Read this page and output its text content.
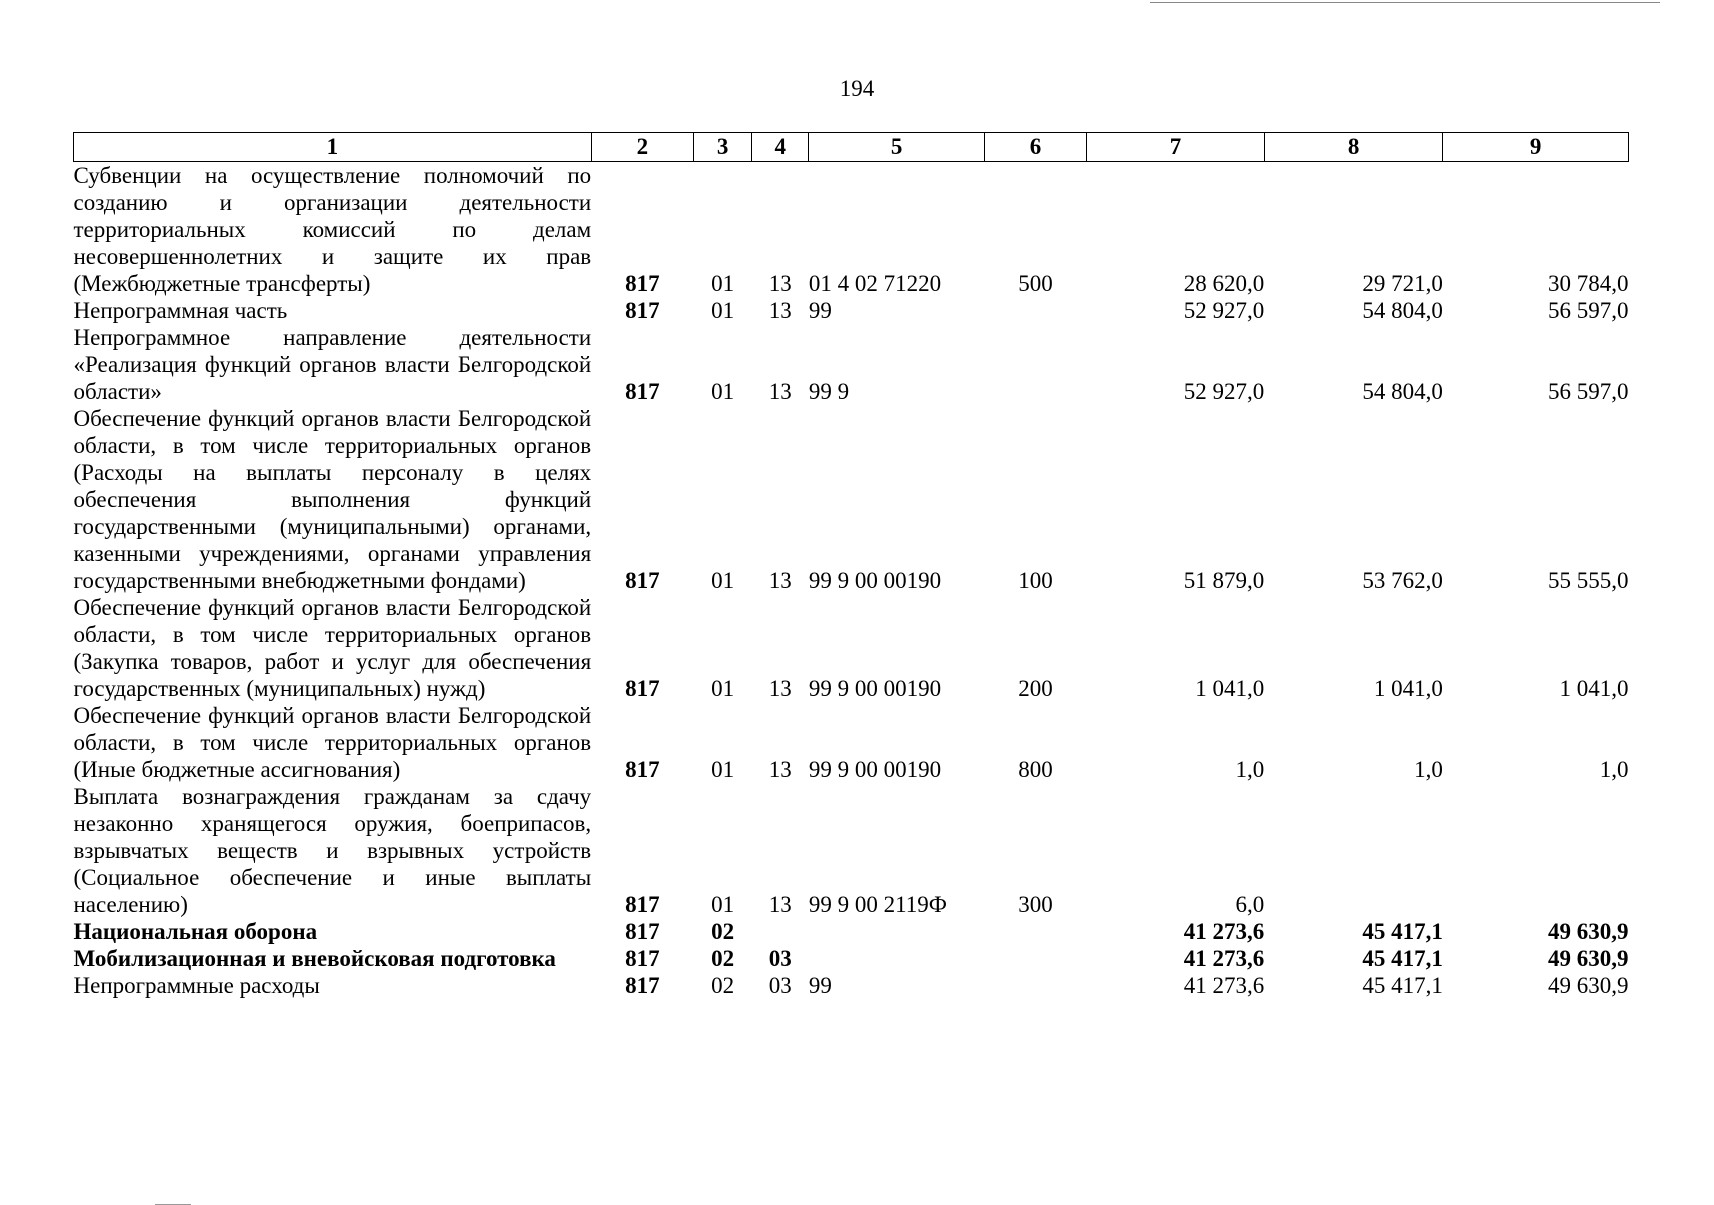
194
1	2	3	4	5	6	7	8	9
Субвенции на осуществление полномочий по созданию и организации деятельности территориальных комиссий по делам несовершеннолетних и защите их прав (Межбюджетные трансферты)	817	01	13	01 4 02 71220	500	28 620,0	29 721,0	30 784,0
Непрограммная часть	817	01	13	99		52 927,0	54 804,0	56 597,0
Непрограммное направление деятельности «Реализация функций органов власти Белгородской области»	817	01	13	99 9		52 927,0	54 804,0	56 597,0
Обеспечение функций органов власти Белгородской области, в том числе территориальных органов (Расходы на выплаты персоналу в целях обеспечения выполнения функций государственными (муниципальными) органами, казенными учреждениями, органами управления государственными внебюджетными фондами)	817	01	13	99 9 00 00190	100	51 879,0	53 762,0	55 555,0
Обеспечение функций органов власти Белгородской области, в том числе территориальных органов (Закупка товаров, работ и услуг для обеспечения государственных (муниципальных) нужд)	817	01	13	99 9 00 00190	200	1 041,0	1 041,0	1 041,0
Обеспечение функций органов власти Белгородской области, в том числе территориальных органов (Иные бюджетные ассигнования)	817	01	13	99 9 00 00190	800	1,0	1,0	1,0
Выплата вознаграждения гражданам за сдачу незаконно хранящегося оружия, боеприпасов, взрывчатых веществ и взрывных устройств (Социальное обеспечение и иные выплаты населению)	817	01	13	99 9 00 2119Ф	300	6,0		
Национальная оборона	817	02				41 273,6	45 417,1	49 630,9
Мобилизационная и вневойсковая подготовка	817	02	03			41 273,6	45 417,1	49 630,9
Непрограммные расходы	817	02	03	99		41 273,6	45 417,1	49 630,9
